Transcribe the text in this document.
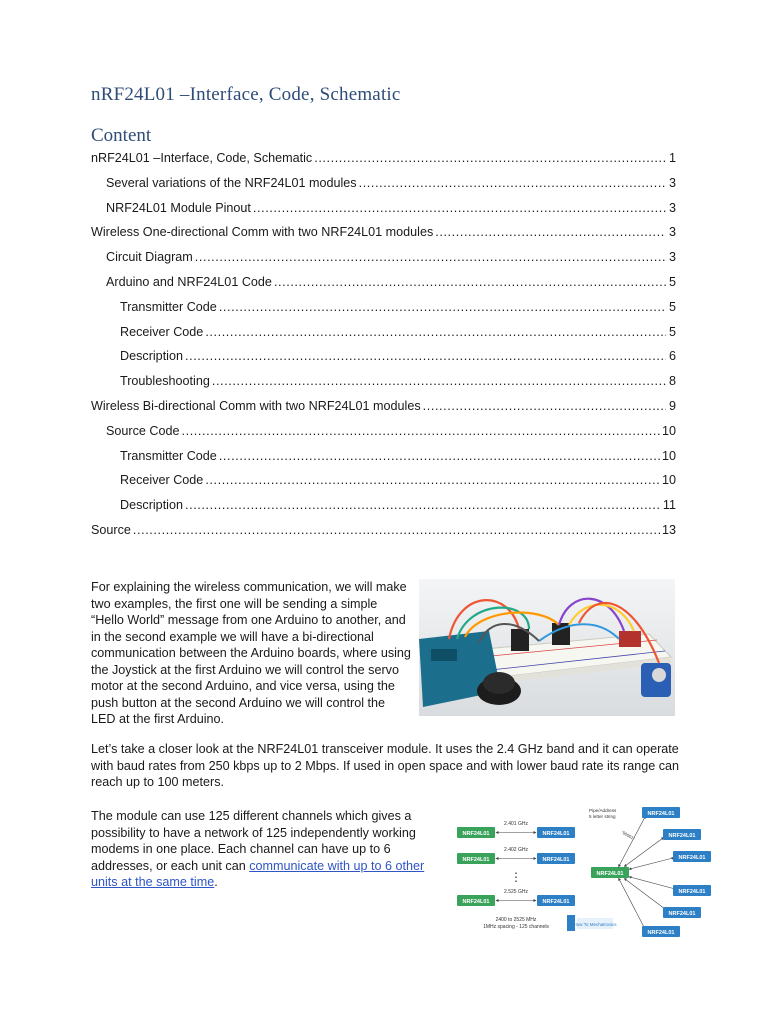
nRF24L01 –Interface, Code, Schematic
Content
nRF24L01 –Interface, Code, Schematic .....	1
Several variations of the NRF24L01 modules .....	3
NRF24L01 Module Pinout .....	3
Wireless One-directional Comm with two NRF24L01 modules .....	3
Circuit Diagram .....	3
Arduino and NRF24L01 Code .....	5
Transmitter Code .....	5
Receiver Code .....	5
Description .....	6
Troubleshooting .....	8
Wireless Bi-directional Comm with two NRF24L01 modules .....	9
Source Code .....	10
Transmitter Code .....	10
Receiver Code .....	10
Description .....	11
Source .....	13
For explaining the wireless communication, we will make two examples, the first one will be sending a simple “Hello World” message from one Arduino to another, and in the second example we will have a bi-directional communication between the Arduino boards, where using the Joystick at the first Arduino we will control the servo motor at the second Arduino, and vice versa, using the push button at the second Arduino we will control the LED at the first Arduino.
Let’s take a closer look at the NRF24L01 transceiver module. It uses the 2.4 GHz band and it can operate with baud rates from 250 kbps up to 2 Mbps. If used in open space and with lower baud rate its range can reach up to 100 meters.
The module can use 125 different channels which gives a possibility to have a network of 125 independently working modems in one place. Each channel can have up to 6 addresses, or each unit can communicate with up to 6 other units at the same time.
NRF24L01
2.401 GHz
NRF24L01
NRF24L01
2.402 GHz
NRF24L01
⋮
NRF24L01
2.525 GHz
NRF24L01
2400 to 2525 MHz
1MHz spacing - 125 channels	How To Mechatronics
Pipe/Address
5 letter string
"00001"
NRF24L01
NRF24L01
NRF24L01
NRF24L01
NRF24L01
NRF24L01
NRF24L01
